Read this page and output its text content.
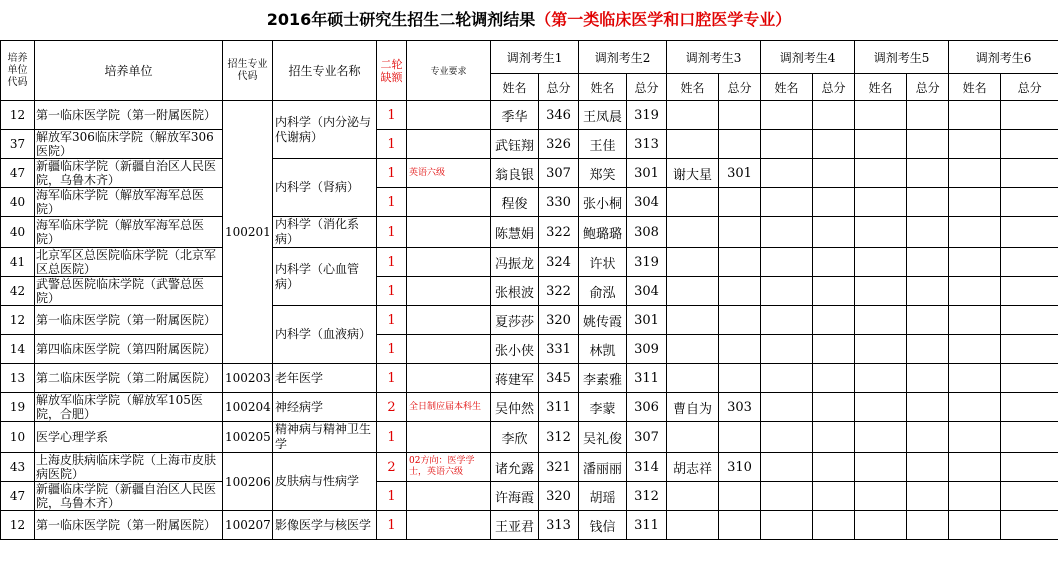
2016年硕士研究生招生二轮调剂结果（第一类临床医学和口腔医学专业）
培养单位代码	培养单位	招生专业代码	招生专业名称	二轮缺额	专业要求	调剂考生1		调剂考生2		调剂考生3		调剂考生4		调剂考生5		调剂考生6	
						姓名	总分	姓名	总分	姓名	总分	姓名	总分	姓名	总分	姓名	总分
12	第一临床医学院（第一附属医院）	100201	内科学（内分泌与代谢病）	1		季华	346	王凤晨	319								
37	解放军306临床学院（解放军306医院）			1		武钰翔	326	王佳	313								
47	新疆临床学院（新疆自治区人民医院，乌鲁木齐）		内科学（肾病）	1	英语六级	翁良银	307	郑笑	301	谢大星	301						
40	海军临床学院（解放军海军总医院）			1		程俊	330	张小桐	304								
40	海军临床学院（解放军海军总医院）		内科学（消化系病）	1		陈慧娟	322	鲍璐璐	308								
41	北京军区总医院临床学院（北京军区总医院）		内科学（心血管病）	1		冯振龙	324	许状	319								
42	武警总医院临床学院（武警总医院）			1		张根波	322	俞泓	304								
12	第一临床医学院（第一附属医院）		内科学（血液病）	1		夏莎莎	320	姚传霞	301								
14	第四临床医学院（第四附属医院）			1		张小侠	331	林凯	309								
13	第二临床医学院（第二附属医院）	100203	老年医学	1		蒋建军	345	李素雅	311								
19	解放军临床学院（解放军105医院，合肥）	100204	神经病学	2	全日制应届本科生	吴仲然	311	李蒙	306	曹自为	303						
10	医学心理学系	100205	精神病与精神卫生学	1		李欣	312	吴礼俊	307								
43	上海皮肤病临床学院（上海市皮肤病医院）	100206	皮肤病与性病学	2	02方向：医学学士，英语六级	诸允露	321	潘丽丽	314	胡志祥	310						
47	新疆临床学院（新疆自治区人民医院，乌鲁木齐）			1		许海霞	320	胡瑶	312								
12	第一临床医学院（第一附属医院）	100207	影像医学与核医学	1		王亚君	313	钱信	311								
